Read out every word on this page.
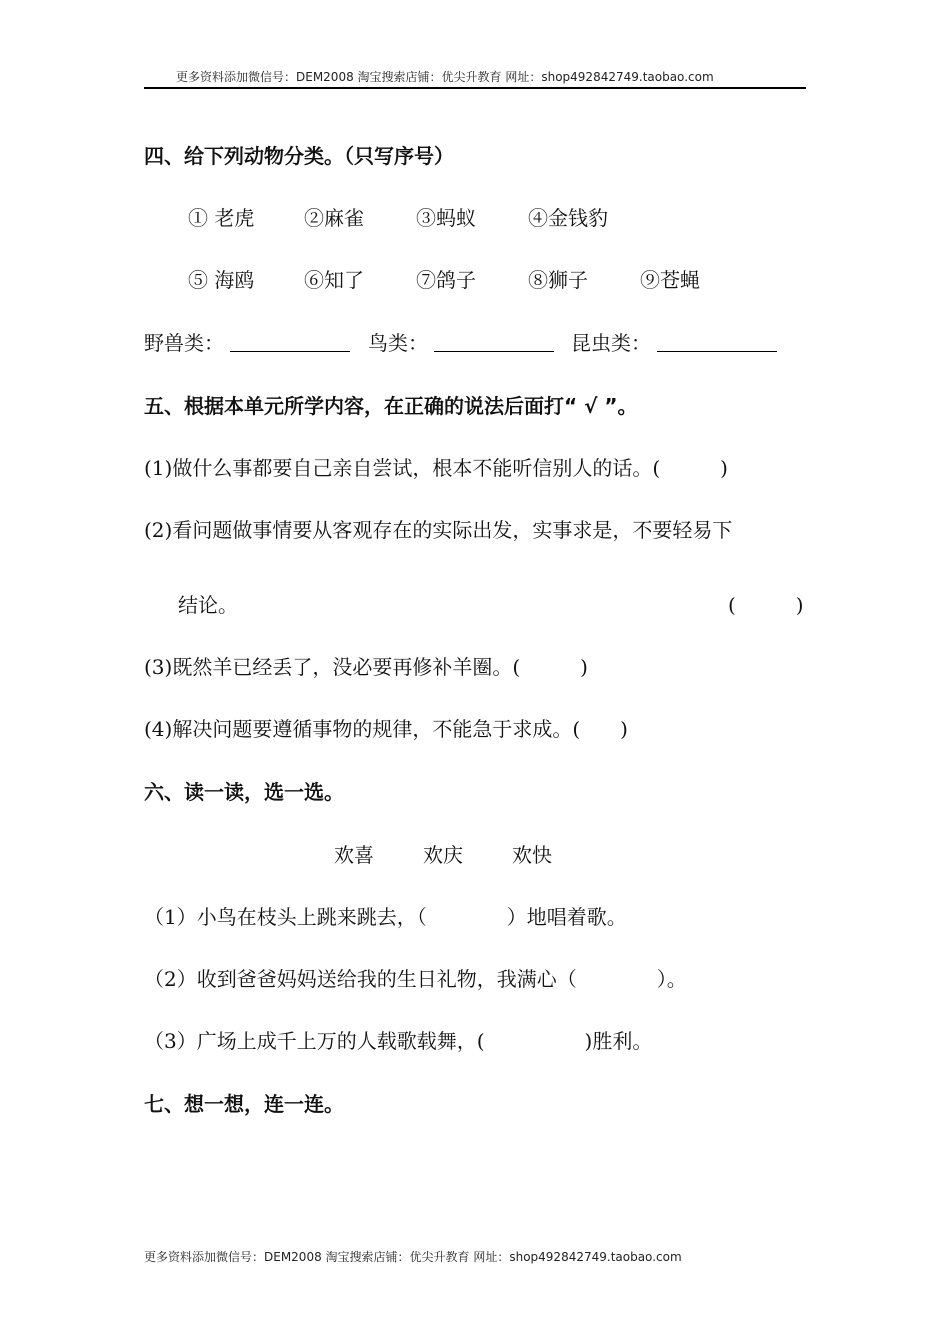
更多资料添加微信号：DEM2008 淘宝搜索店铺：优尖升教育 网址：shop492842749.taobao.com
四、给下列动物分类。（只写序号）
① 老虎 ②麻雀	③蚂蚁	④金钱豹
⑤ 海鸥 ⑥知了	⑦鸽子	⑧狮子	⑨苍蝇
野兽类：	鸟类：	昆虫类：
五、根据本单元所学内容，在正确的说法后面打“ √ ”。
(1)做什么事都要自己亲自尝试，根本不能听信别人的话。(　　　)
(2)看问题做事情要从客观存在的实际出发，实事求是，不要轻易下
结论。	(　　　)
(3)既然羊已经丢了，没必要再修补羊圈。(　　　)
(4)解决问题要遵循事物的规律，不能急于求成。(　　)
六、读一读，选一选。
欢喜 欢庆 欢快
（1）小鸟在枝头上跳来跳去，（　　　　）地唱着歌。
（2）收到爸爸妈妈送给我的生日礼物，我满心（　　　　）。
（3）广场上成千上万的人载歌载舞，(　　　　　)胜利。
七、想一想，连一连。
更多资料添加微信号：DEM2008 淘宝搜索店铺：优尖升教育 网址：shop492842749.taobao.com
